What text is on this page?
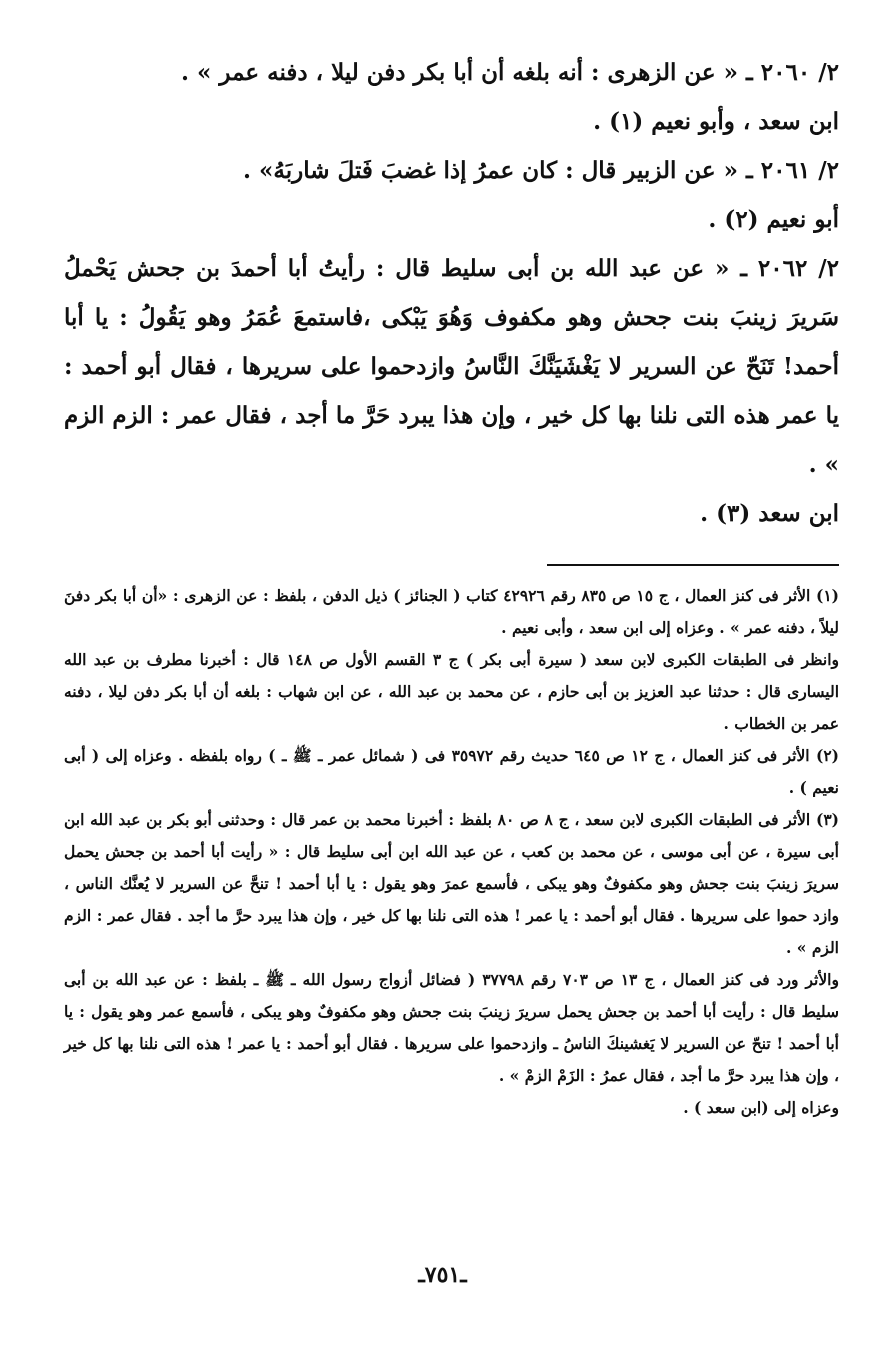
٢/ ٢٠٦٠ ـ « عن الزهرى : أنه بلغه أن أبا بكر دفن ليلا ، دفنه عمر » .

ابن سعد ، وأبو نعيم (١) .

٢/ ٢٠٦١ ـ « عن الزبير قال : كان عمرُ إذا غضبَ فَتلَ شاربَهُ» .

أبو نعيم (٢) .

٢/ ٢٠٦٢ ـ « عن عبد الله بن أبى سليط قال : رأيتُ أبا أحمدَ بن جحش يَحْملُ سَريرَ زينبَ بنت جحش وهو مكفوف وَهُوَ يَبْكى ،فاستمعَ عُمَرُ وهو يَقُولُ : يا أبا أحمد! تَنَحّ عن السرير لا يَغْشَيَنَّكَ النَّاسُ وازدحموا على سريرها ، فقال أبو أحمد : يا عمر هذه التى نلنا بها كل خير ، وإن هذا يبرد حَرَّ ما أجد ، فقال عمر : الزم الزم » .

ابن سعد (٣) .

(١) الأثر فى كنز العمال ، ج ١٥ ص ٨٣٥ رقم ٤٢٩٢٦ كتاب ( الجنائز ) ذيل الدفن ، بلفظ : عن الزهرى : «أن أبا بكر دفنَ ليلاً ، دفنه عمر » . وعزاه إلى ابن سعد ، وأبى نعيم .

وانظر فى الطبقات الكبرى لابن سعد ( سيرة أبى بكر ) ج ٣ القسم الأول ص ١٤٨ قال : أخبرنا مطرف بن عبد الله اليسارى قال : حدثنا عبد العزيز بن أبى حازم ، عن محمد بن عبد الله ، عن ابن شهاب : بلغه أن أبا بكر دفن ليلا ، دفنه عمر بن الخطاب .

(٢) الأثر فى كنز العمال ، ج ١٢ ص ٦٤٥ حديث رقم ٣٥٩٧٢ فى ( شمائل عمر ـ ﷺ ـ ) رواه بلفظه . وعزاه إلى ( أبى نعيم ) .

(٣) الأثر فى الطبقات الكبرى لابن سعد ، ج ٨ ص ٨٠ بلفظ : أخبرنا محمد بن عمر قال : وحدثنى أبو بكر بن عبد الله ابن أبى سيرة ، عن أبى موسى ، عن محمد بن كعب ، عن عبد الله ابن أبى سليط قال : « رأيت أبا أحمد بن جحش يحمل سريرَ زينبَ بنت جحش وهو مكفوفٌ وهو يبكى ، فأسمع عمرَ وهو يقول : يا أبا أحمد ! تنحَّ عن السرير لا يُعنَّك الناس ، وازد حموا على سريرها . فقال أبو أحمد : يا عمر ! هذه التى نلنا بها كل خير ، وإن هذا يبرد حرَّ ما أجد . فقال عمر : الزم الزم » .

والأثر ورد فى كنز العمال ، ج ١٣ ص ٧٠٣ رقم ٣٧٧٩٨ ( فضائل أزواج رسول الله ـ ﷺ ـ بلفظ : عن عبد الله بن أبى سليط قال : رأيت أبا أحمد بن جحش يحمل سريرَ زينبَ بنت جحش وهو مكفوفٌ وهو يبكى ، فأسمع عمر وهو يقول : يا أبا أحمد ! تنحّ عن السرير لا يَغشينكَ الناسُ ـ وازدحموا على سريرها . فقال أبو أحمد : يا عمر ! هذه التى نلنا بها كل خير ، وإن هذا يبرد حرَّ ما أجد ، فقال عمرُ : الزَمْ الزمْ » .

وعزاه إلى (ابن سعد ) .

ـ٧٥١ـ
